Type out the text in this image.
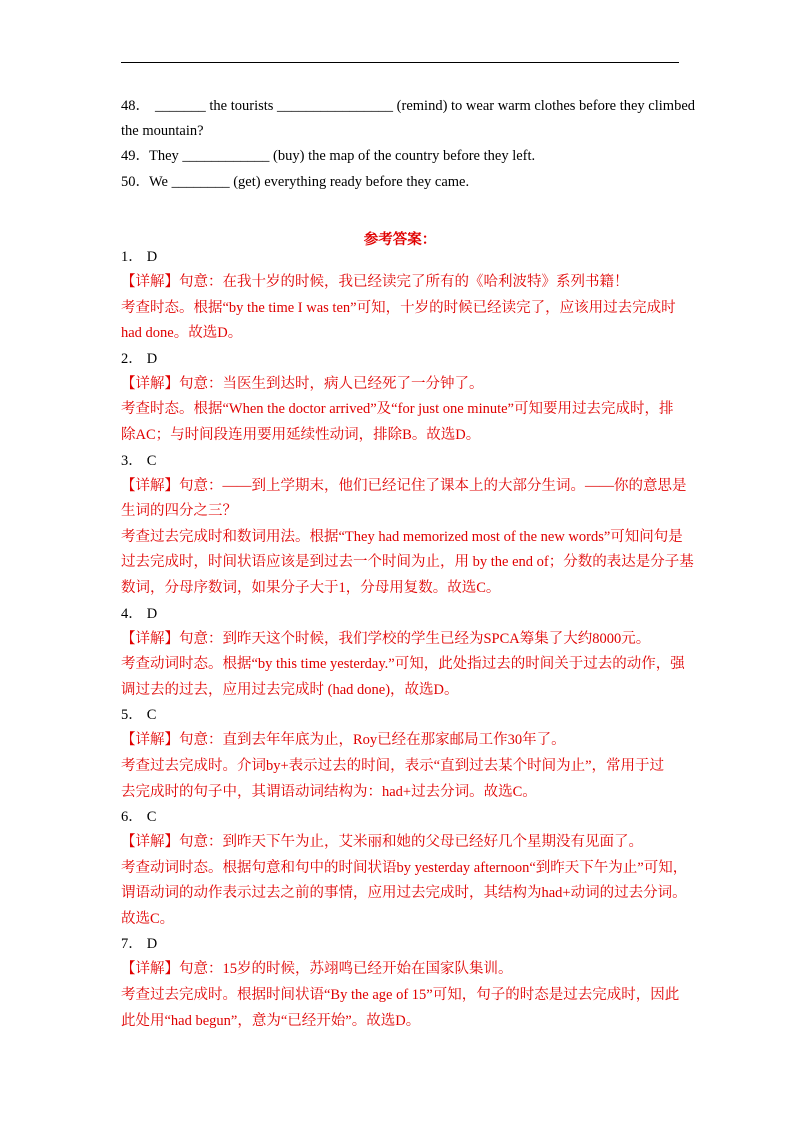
48． _______ the tourists ________________ (remind) to wear warm clothes before they climbed
the mountain?
49．They ____________ (buy) the map of the country before they left.
50．We ________ (get) everything ready before they came.
参考答案：
1． D
【详解】句意：在我十岁的时候，我已经读完了所有的《哈利波特》系列书籍！
考查时态。根据“by the time I was ten”可知，十岁的时候已经读完了，应该用过去完成时
had done。故选D。
2． D
【详解】句意：当医生到达时，病人已经死了一分钟了。
考查时态。根据“When the doctor arrived”及“for just one minute”可知要用过去完成时，排
除AC；与时间段连用要用延续性动词，排除B。故选D。
3． C
【详解】句意：——到上学期末，他们已经记住了课本上的大部分生词。——你的意思是
生词的四分之三？
考查过去完成时和数词用法。根据“They had memorized most of the new words”可知问句是
过去完成时，时间状语应该是到过去一个时间为止，用 by the end of；分数的表达是分子基
数词，分母序数词，如果分子大于1，分母用复数。故选C。
4． D
【详解】句意：到昨天这个时候，我们学校的学生已经为SPCA筹集了大约8000元。
考查动词时态。根据“by this time yesterday.”可知，此处指过去的时间关于过去的动作，强
调过去的过去，应用过去完成时 (had done)，故选D。
5． C
【详解】句意：直到去年年底为止，Roy已经在那家邮局工作30年了。
考查过去完成时。介词by+表示过去的时间，表示“直到过去某个时间为止”，常用于过
去完成时的句子中，其谓语动词结构为：had+过去分词。故选C。
6． C
【详解】句意：到昨天下午为止，艾米丽和她的父母已经好几个星期没有见面了。
考查动词时态。根据句意和句中的时间状语by yesterday afternoon“到昨天下午为止”可知，
谓语动词的动作表示过去之前的事情，应用过去完成时，其结构为had+动词的过去分词。
故选C。
7． D
【详解】句意：15岁的时候，苏翊鸣已经开始在国家队集训。
考查过去完成时。根据时间状语“By the age of 15”可知，句子的时态是过去完成时，因此
此处用“had begun”，意为“已经开始”。故选D。
